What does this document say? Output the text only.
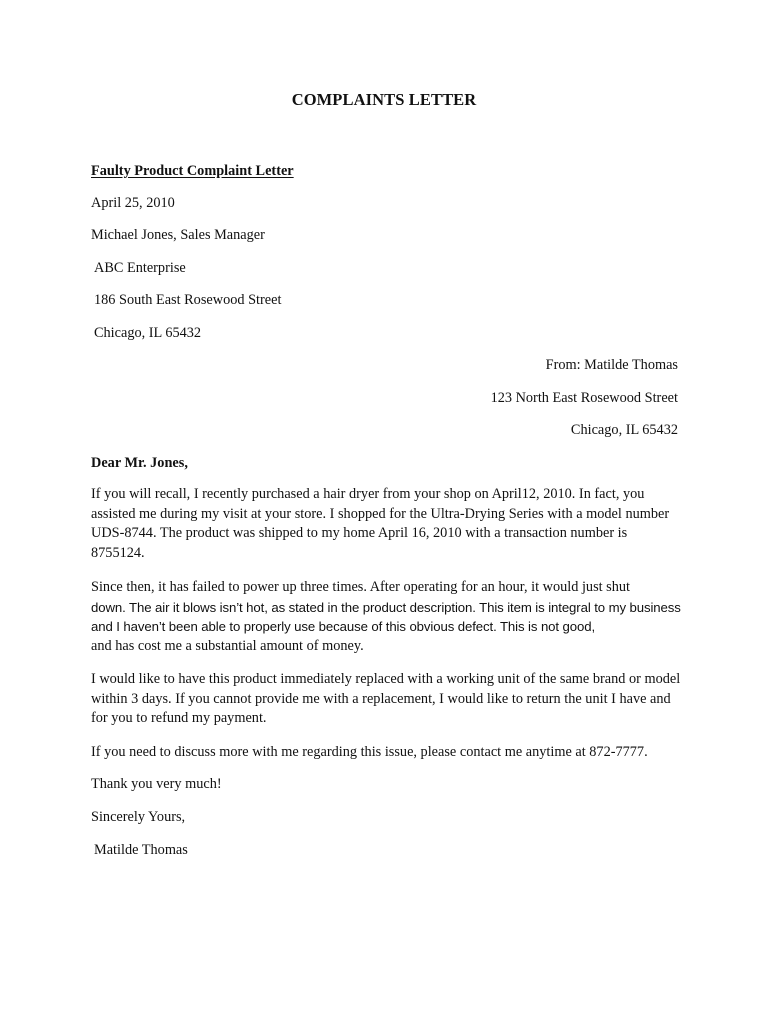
COMPLAINTS LETTER
Faulty Product Complaint Letter
April 25, 2010
Michael Jones, Sales Manager
ABC Enterprise
186 South East Rosewood Street
Chicago, IL 65432
From: Matilde Thomas
123 North East Rosewood Street
Chicago, IL 65432
Dear Mr. Jones,
If you will recall, I recently purchased a hair dryer from your shop on April12, 2010. In fact, you assisted me during my visit at your store. I shopped for the Ultra-Drying Series with a model number UDS-8744. The product was shipped to my home April 16, 2010 with a transaction number is 8755124.
Since then, it has failed to power up three times. After operating for an hour, it would just shut
down. The air it blows isn’t hot, as stated in the product description. This item is integral to my business and I haven’t been able to properly use because of this obvious defect. This is not good,
and has cost me a substantial amount of money.
I would like to have this product immediately replaced with a working unit of the same brand or model within 3 days. If you cannot provide me with a replacement, I would like to return the unit I have and for you to refund my payment.
If you need to discuss more with me regarding this issue, please contact me anytime at 872-7777.
Thank you very much!
Sincerely Yours,
Matilde Thomas
